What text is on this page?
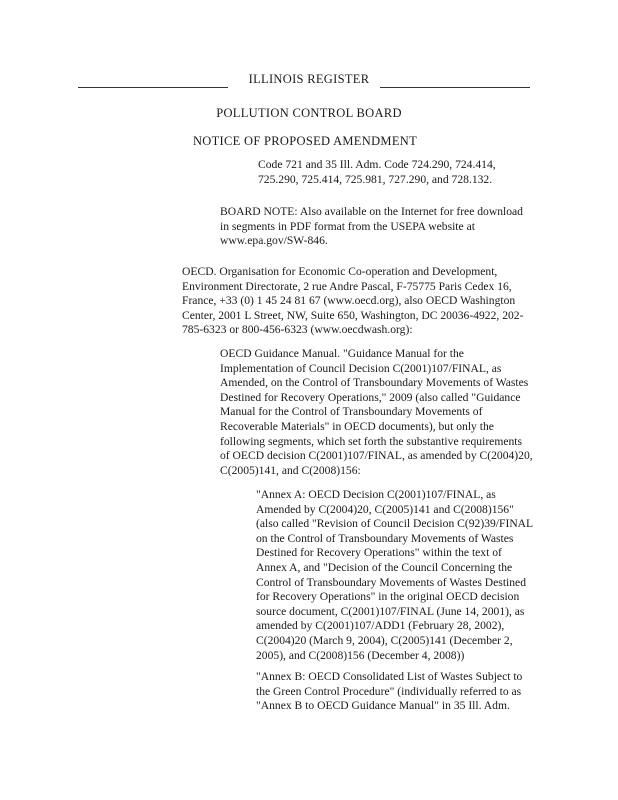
ILLINOIS REGISTER
POLLUTION CONTROL BOARD
NOTICE OF PROPOSED AMENDMENT
Code 721 and 35 Ill. Adm. Code 724.290, 724.414,
725.290, 725.414, 725.981, 727.290, and 728.132.
BOARD NOTE: Also available on the Internet for free download
in segments in PDF format from the USEPA website at
www.epa.gov/SW-846.
OECD. Organisation for Economic Co-operation and Development,
Environment Directorate, 2 rue Andre Pascal, F-75775 Paris Cedex 16,
France, +33 (0) 1 45 24 81 67 (www.oecd.org), also OECD Washington
Center, 2001 L Street, NW, Suite 650, Washington, DC 20036-4922, 202-
785-6323 or 800-456-6323 (www.oecdwash.org):
OECD Guidance Manual. "Guidance Manual for the
Implementation of Council Decision C(2001)107/FINAL, as
Amended, on the Control of Transboundary Movements of Wastes
Destined for Recovery Operations," 2009 (also called "Guidance
Manual for the Control of Transboundary Movements of
Recoverable Materials" in OECD documents), but only the
following segments, which set forth the substantive requirements
of OECD decision C(2001)107/FINAL, as amended by C(2004)20,
C(2005)141, and C(2008)156:
"Annex A: OECD Decision C(2001)107/FINAL, as
Amended by C(2004)20, C(2005)141 and C(2008)156"
(also called "Revision of Council Decision C(92)39/FINAL
on the Control of Transboundary Movements of Wastes
Destined for Recovery Operations" within the text of
Annex A, and "Decision of the Council Concerning the
Control of Transboundary Movements of Wastes Destined
for Recovery Operations" in the original OECD decision
source document, C(2001)107/FINAL (June 14, 2001), as
amended by C(2001)107/ADD1 (February 28, 2002),
C(2004)20 (March 9, 2004), C(2005)141 (December 2,
2005), and C(2008)156 (December 4, 2008))
"Annex B: OECD Consolidated List of Wastes Subject to
the Green Control Procedure" (individually referred to as
"Annex B to OECD Guidance Manual" in 35 Ill. Adm.
